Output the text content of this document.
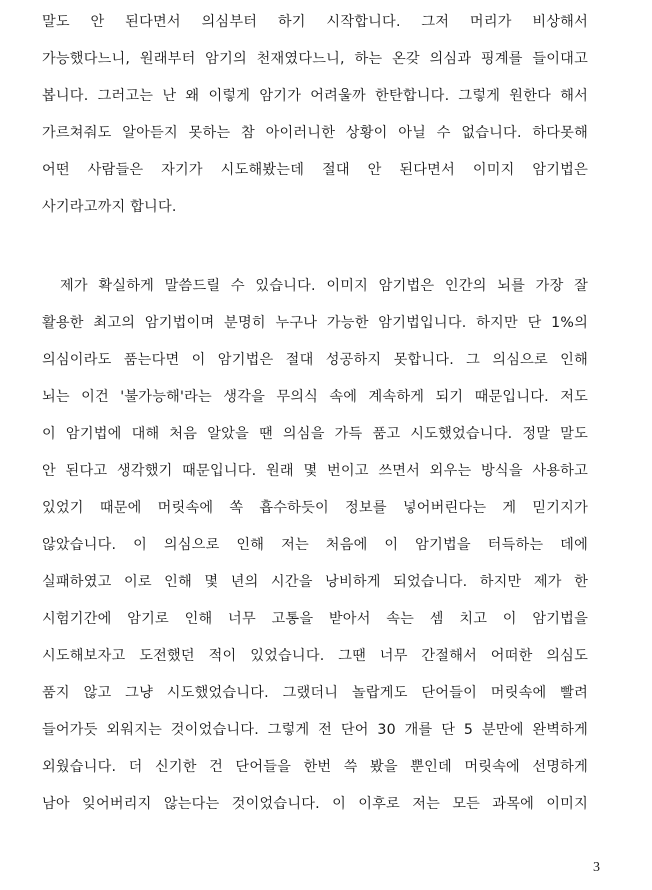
말도 안 된다면서 의심부터 하기 시작합니다. 그저 머리가 비상해서
가능했다느니, 원래부터 암기의 천재였다느니, 하는 온갖 의심과 핑계를 들이대고
봅니다. 그러고는 난 왜 이렇게 암기가 어려울까 한탄합니다. 그렇게 원한다 해서
가르쳐줘도 알아듣지 못하는 참 아이러니한 상황이 아닐 수 없습니다. 하다못해
어떤 사람들은 자기가 시도해봤는데 절대 안 된다면서 이미지 암기법은
사기라고까지 합니다.
제가 확실하게 말씀드릴 수 있습니다. 이미지 암기법은 인간의 뇌를 가장 잘
활용한 최고의 암기법이며 분명히 누구나 가능한 암기법입니다. 하지만 단 1%의
의심이라도 품는다면 이 암기법은 절대 성공하지 못합니다. 그 의심으로 인해
뇌는 이건 '불가능해'라는 생각을 무의식 속에 계속하게 되기 때문입니다. 저도
이 암기법에 대해 처음 알았을 땐 의심을 가득 품고 시도했었습니다. 정말 말도
안 된다고 생각했기 때문입니다. 원래 몇 번이고 쓰면서 외우는 방식을 사용하고
있었기 때문에 머릿속에 쏙 흡수하듯이 정보를 넣어버린다는 게 믿기지가
않았습니다. 이 의심으로 인해 저는 처음에 이 암기법을 터득하는 데에
실패하였고 이로 인해 몇 년의 시간을 낭비하게 되었습니다. 하지만 제가 한
시험기간에 암기로 인해 너무 고통을 받아서 속는 셈 치고 이 암기법을
시도해보자고 도전했던 적이 있었습니다. 그땐 너무 간절해서 어떠한 의심도
품지 않고 그냥 시도했었습니다. 그랬더니 놀랍게도 단어들이 머릿속에 빨려
들어가듯 외워지는 것이었습니다. 그렇게 전 단어 30 개를 단 5 분만에 완벽하게
외웠습니다. 더 신기한 건 단어들을 한번 쓱 봤을 뿐인데 머릿속에 선명하게
남아 잊어버리지 않는다는 것이었습니다. 이 이후로 저는 모든 과목에 이미지
3
